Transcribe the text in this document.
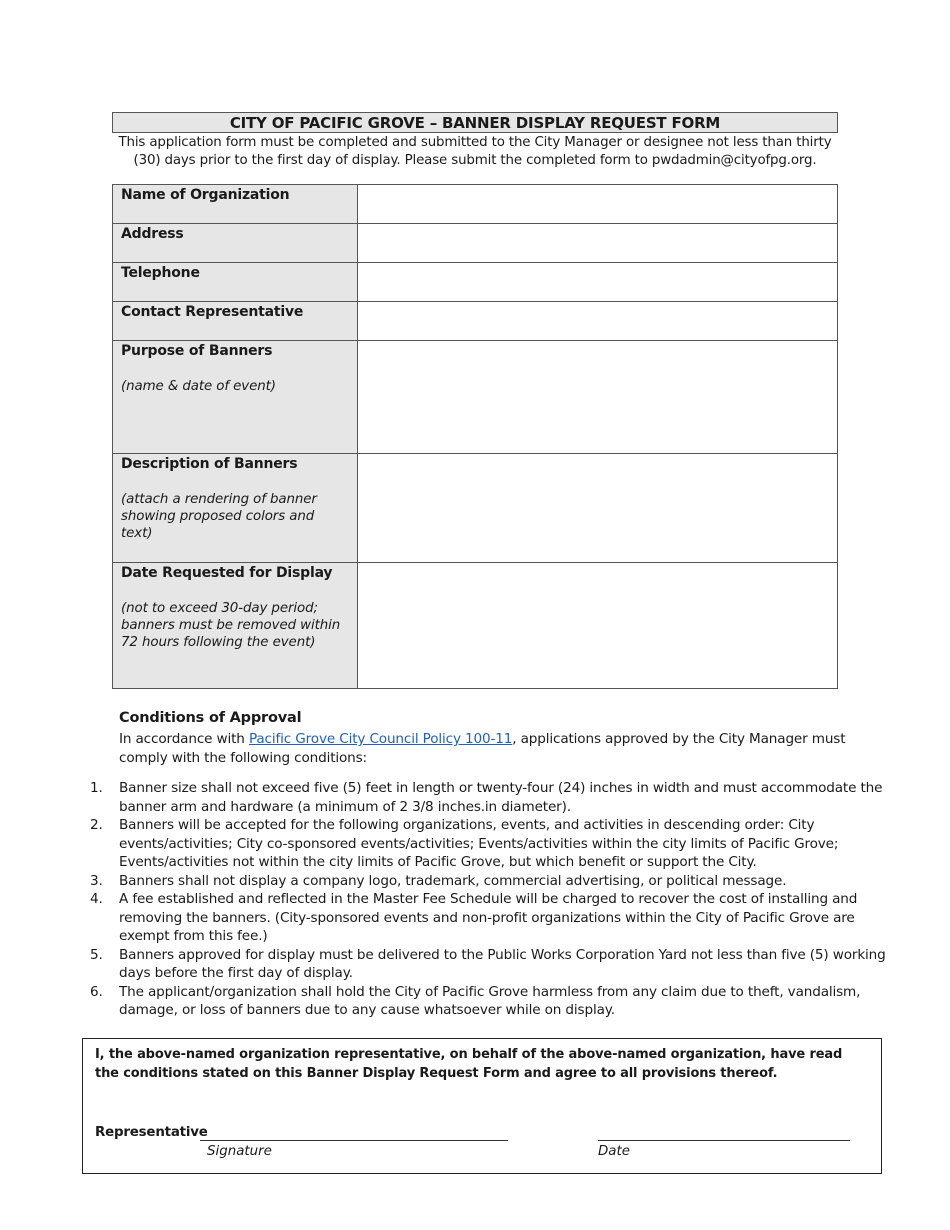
CITY OF PACIFIC GROVE – BANNER DISPLAY REQUEST FORM

This application form must be completed and submitted to the City Manager or designee not less than thirty

(30) days prior to the first day of display. Please submit the completed form to pwdadmin@cityofpg.org.

Name of Organization	

Address	

Telephone	

Contact Representative	

Purpose of Banners
(name & date of event)	

Description of Banners
(attach a rendering of banner showing proposed colors and text)	

Date Requested for Display
(not to exceed 30-day period; banners must be removed within 72 hours following the event)	

Conditions of Approval
In accordance with Pacific Grove City Council Policy 100-11, applications approved by the City Manager must comply with the following conditions:
1. Banner size shall not exceed five (5) feet in length or twenty-four (24) inches in width and must accommodate the banner arm and hardware (a minimum of 2 3/8 inches.in diameter).
2. Banners will be accepted for the following organizations, events, and activities in descending order: City events/activities; City co-sponsored events/activities; Events/activities within the city limits of Pacific Grove; Events/activities not within the city limits of Pacific Grove, but which benefit or support the City.
3. Banners shall not display a company logo, trademark, commercial advertising, or political message.
4. A fee established and reflected in the Master Fee Schedule will be charged to recover the cost of installing and removing the banners. (City-sponsored events and non-profit organizations within the City of Pacific Grove are exempt from this fee.)
5. Banners approved for display must be delivered to the Public Works Corporation Yard not less than five (5) working days before the first day of display.
6. The applicant/organization shall hold the City of Pacific Grove harmless from any claim due to theft, vandalism, damage, or loss of banners due to any cause whatsoever while on display.
I, the above-named organization representative, on behalf of the above-named organization, have read the conditions stated on this Banner Display Request Form and agree to all provisions thereof.
Representative
Signature	Date
